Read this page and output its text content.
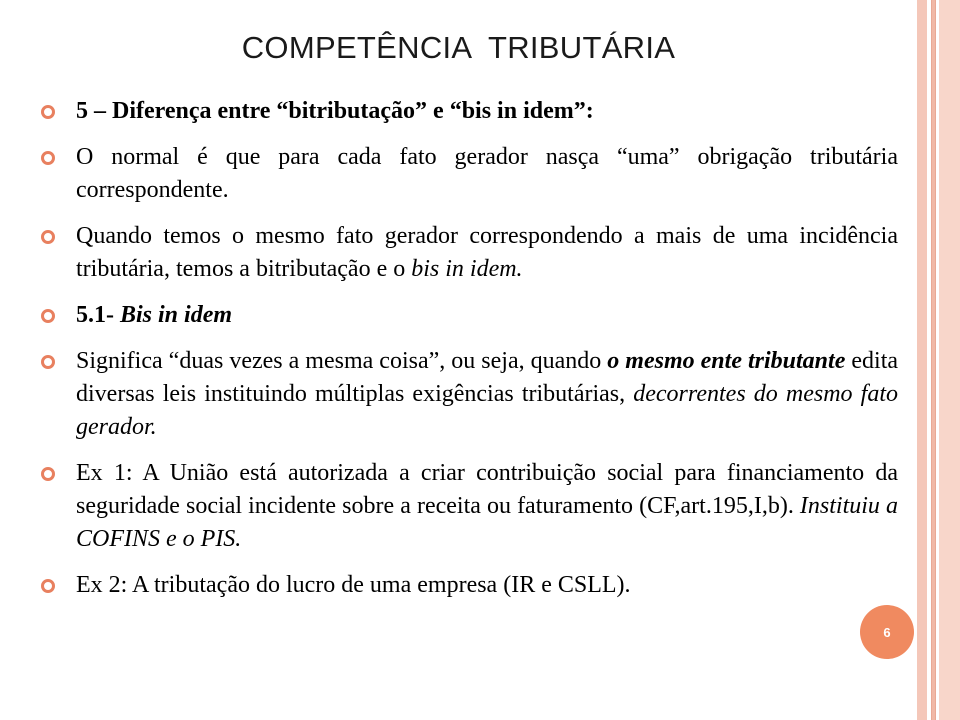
COMPETÊNCIA  TRIBUTÁRIA
5 – Diferença entre “bitributação” e “bis in idem”:
O normal é que para cada fato gerador nasça “uma” obrigação tributária correspondente.
Quando temos o mesmo fato gerador correspondendo a mais de uma incidência tributária, temos a bitributação e o bis in idem.
5.1- Bis in idem
Significa “duas vezes a mesma coisa”, ou seja, quando o mesmo ente tributante edita diversas leis instituindo múltiplas exigências tributárias, decorrentes do mesmo fato gerador.
Ex 1: A União está autorizada a criar contribuição social para financiamento da seguridade social incidente sobre a receita ou faturamento (CF,art.195,I,b). Instituiu a COFINS e o PIS.
Ex 2: A tributação do lucro de uma empresa (IR e CSLL).
6
